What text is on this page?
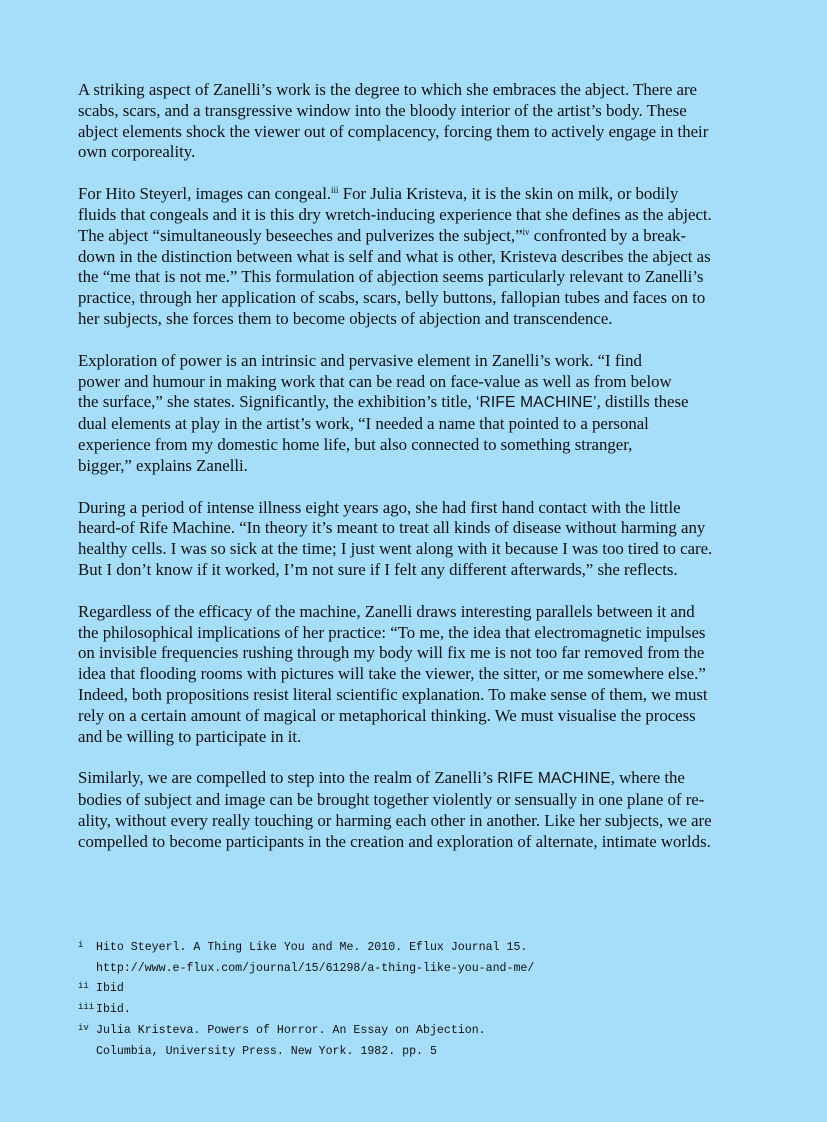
A striking aspect of Zanelli’s work is the degree to which she embraces the abject. There are
scabs, scars, and a transgressive window into the bloody interior of the artist’s body. These
abject elements shock the viewer out of complacency, forcing them to actively engage in their
own corporeality.

For Hito Steyerl, images can congeal.$^{iii}$ For Julia Kristeva, it is the skin on milk, or bodily
fluids that congeals and it is this dry wretch-inducing experience that she defines as the abject.
The abject “simultaneously beseeches and pulverizes the subject,”$^{iv}$ confronted by a break-
down in the distinction between what is self and what is other, Kristeva describes the abject as
the “me that is not me.” This formulation of abjection seems particularly relevant to Zanelli’s
practice, through her application of scabs, scars, belly buttons, fallopian tubes and faces on to
her subjects, she forces them to become objects of abjection and transcendence.

Exploration of power is an intrinsic and pervasive element in Zanelli’s work. “I find
power and humour in making work that can be read on face-value as well as from below
the surface,” she states. Significantly, the exhibition’s title, ‘RIFE MACHINE’, distills these
dual elements at play in the artist’s work, “I needed a name that pointed to a personal
experience from my domestic home life, but also connected to something stranger,
bigger,” explains Zanelli.

During a period of intense illness eight years ago, she had first hand contact with the little
heard-of Rife Machine. “In theory it’s meant to treat all kinds of disease without harming any
healthy cells. I was so sick at the time; I just went along with it because I was too tired to care.
But I don’t know if it worked, I’m not sure if I felt any different afterwards,” she reflects.

Regardless of the efficacy of the machine, Zanelli draws interesting parallels between it and
the philosophical implications of her practice: “To me, the idea that electromagnetic impulses
on invisible frequencies rushing through my body will fix me is not too far removed from the
idea that flooding rooms with pictures will take the viewer, the sitter, or me somewhere else.”
Indeed, both propositions resist literal scientific explanation. To make sense of them, we must
rely on a certain amount of magical or metaphorical thinking. We must visualise the process
and be willing to participate in it.

Similarly, we are compelled to step into the realm of Zanelli’s RIFE MACHINE, where the
bodies of subject and image can be brought together violently or sensually in one plane of re-
ality, without every really touching or harming each other in another. Like her subjects, we are
compelled to become participants in the creation and exploration of alternate, intimate worlds.

i	Hito Steyerl. A Thing Like You and Me. 2010. Eflux Journal 15.
http://www.e-flux.com/journal/15/61298/a-thing-like-you-and-me/
ii Ibid
iii Ibid.
iv Julia Kristeva. Powers of Horror. An Essay on Abjection.
Columbia, University Press. New York. 1982. pp. 5
